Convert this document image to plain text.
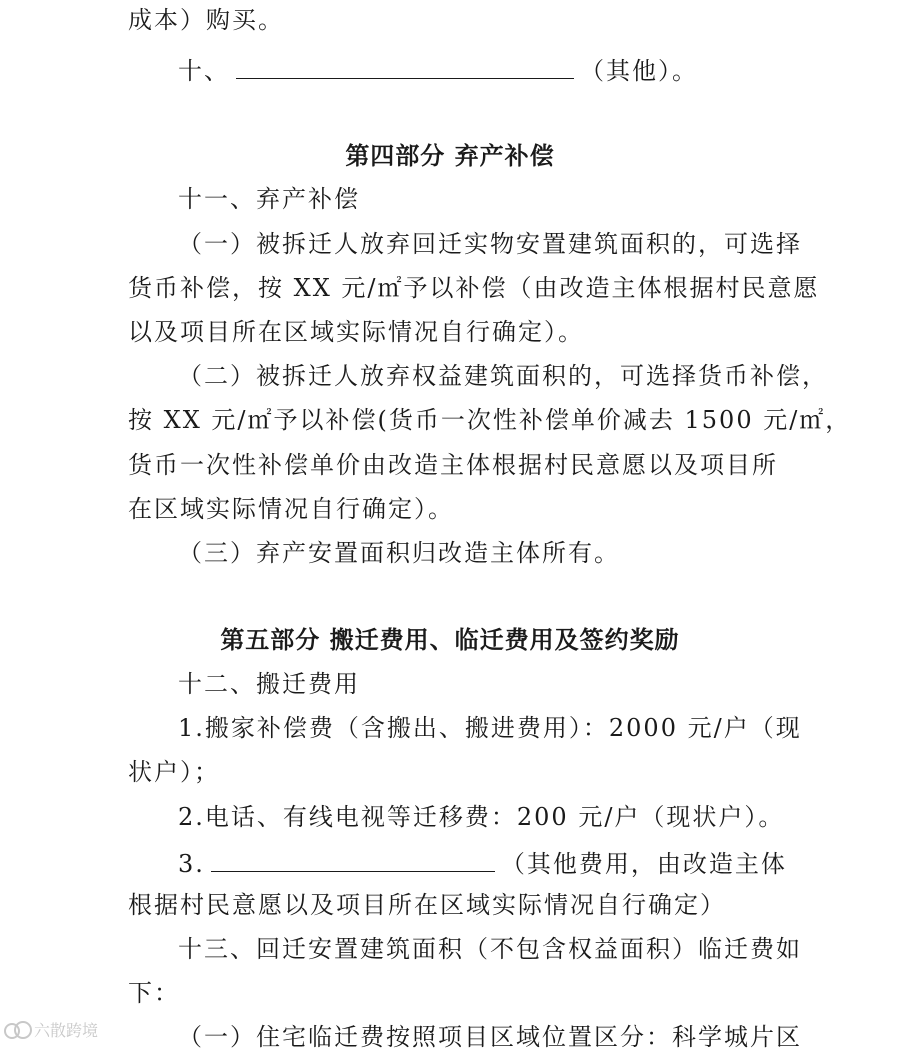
成本）购买。
十、	（其他）。
第四部分 弃产补偿
十一、弃产补偿
（一）被拆迁人放弃回迁实物安置建筑面积的，可选择
货币补偿，按 XX 元/㎡予以补偿（由改造主体根据村民意愿
以及项目所在区域实际情况自行确定）。
（二）被拆迁人放弃权益建筑面积的，可选择货币补偿，
按 XX 元/㎡予以补偿(货币一次性补偿单价减去 1500 元/㎡，
货币一次性补偿单价由改造主体根据村民意愿以及项目所
在区域实际情况自行确定）。
（三）弃产安置面积归改造主体所有。
第五部分 搬迁费用、临迁费用及签约奖励
十二、搬迁费用
1.搬家补偿费（含搬出、搬进费用）：2000 元/户（现
状户）；
2.电话、有线电视等迁移费：200 元/户（现状户）。
3.	（其他费用，由改造主体
根据村民意愿以及项目所在区域实际情况自行确定）
十三、回迁安置建筑面积（不包含权益面积）临迁费如
下：
（一）住宅临迁费按照项目区域位置区分：科学城片区
六散跨境
